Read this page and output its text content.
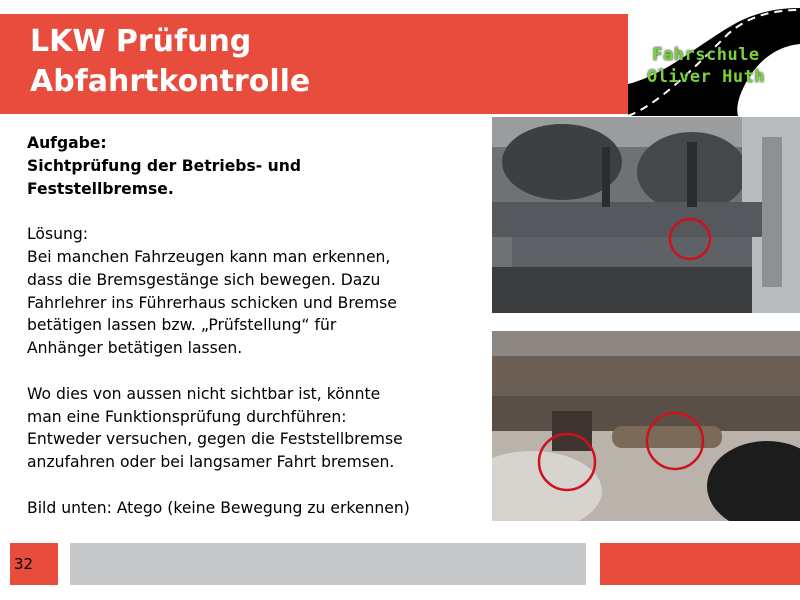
LKW Prüfung
Abfahrtkontrolle
Fahrschule
Oliver Huth
Aufgabe:
Sichtprüfung der Betriebs- und
Feststellbremse.
Lösung:
Bei manchen Fahrzeugen kann man erkennen,
dass die Bremsgestänge sich bewegen. Dazu
Fahrlehrer ins Führerhaus schicken und Bremse
betätigen lassen bzw. „Prüfstellung“ für
Anhänger betätigen lassen.
Wo dies von aussen nicht sichtbar ist, könnte
man eine Funktionsprüfung durchführen:
Entweder versuchen, gegen die Feststellbremse
anzufahren oder bei langsamer Fahrt bremsen.
Bild unten: Atego (keine Bewegung zu erkennen)
32
